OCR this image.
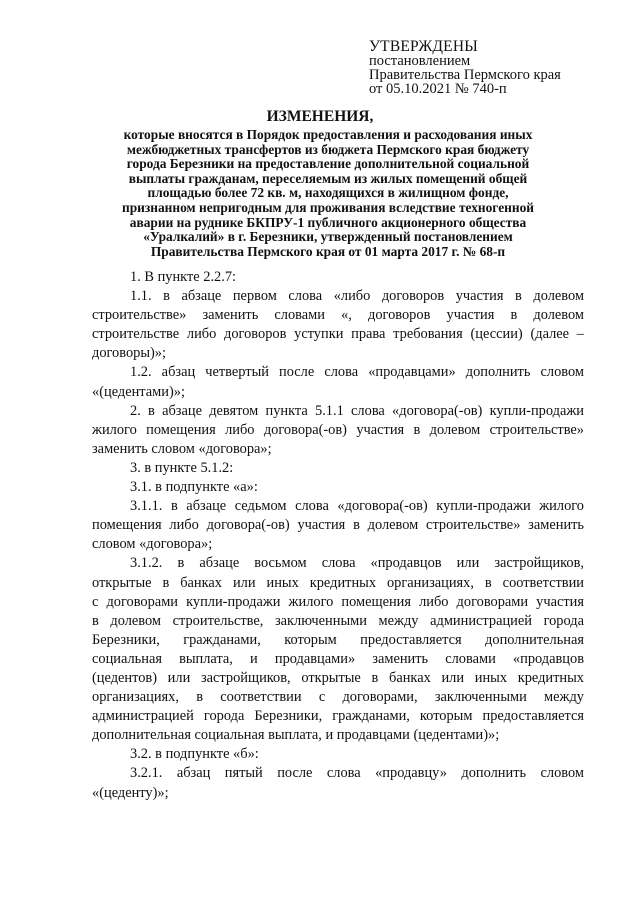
УТВЕРЖДЕНЫ
постановлением
Правительства Пермского края
от 05.10.2021 № 740-п
ИЗМЕНЕНИЯ,
которые вносятся в Порядок предоставления и расходования иных
межбюджетных трансфертов из бюджета Пермского края бюджету
города Березники на предоставление дополнительной социальной
выплаты гражданам, переселяемым из жилых помещений общей
площадью более 72 кв. м, находящихся в жилищном фонде,
признанном непригодным для проживания вследствие техногенной
аварии на руднике БКПРУ-1 публичного акционерного общества
«Уралкалий» в г. Березники, утвержденный постановлением
Правительства Пермского края от 01 марта 2017 г. № 68-п

1. В пункте 2.2.7:

1.1. в абзаце первом слова «либо договоров участия в долевом
строительстве» заменить словами «, договоров участия в долевом
строительстве либо договоров уступки права требования (цессии) (далее –
договоры)»;

1.2. абзац четвертый после слова «продавцами» дополнить словом
«(цедентами)»;

2. в абзаце девятом пункта 5.1.1 слова «договора(-ов) купли-продажи
жилого помещения либо договора(-ов) участия в долевом строительстве»
заменить словом «договора»;

3. в пункте 5.1.2:

3.1. в подпункте «а»:

3.1.1. в абзаце седьмом слова «договора(-ов) купли-продажи жилого
помещения либо договора(-ов) участия в долевом строительстве» заменить
словом «договора»;

3.1.2. в абзаце восьмом слова «продавцов или застройщиков,
открытые в банках или иных кредитных организациях, в соответствии
с договорами купли-продажи жилого помещения либо договорами участия
в долевом строительстве, заключенными между администрацией города
Березники, гражданами, которым предоставляется дополнительная
социальная выплата, и продавцами» заменить словами «продавцов
(цедентов) или застройщиков, открытые в банках или иных кредитных
организациях, в соответствии с договорами, заключенными между
администрацией города Березники, гражданами, которым предоставляется
дополнительная социальная выплата, и продавцами (цедентами)»;

3.2. в подпункте «б»:

3.2.1. абзац пятый после слова «продавцу» дополнить словом
«(цеденту)»;
